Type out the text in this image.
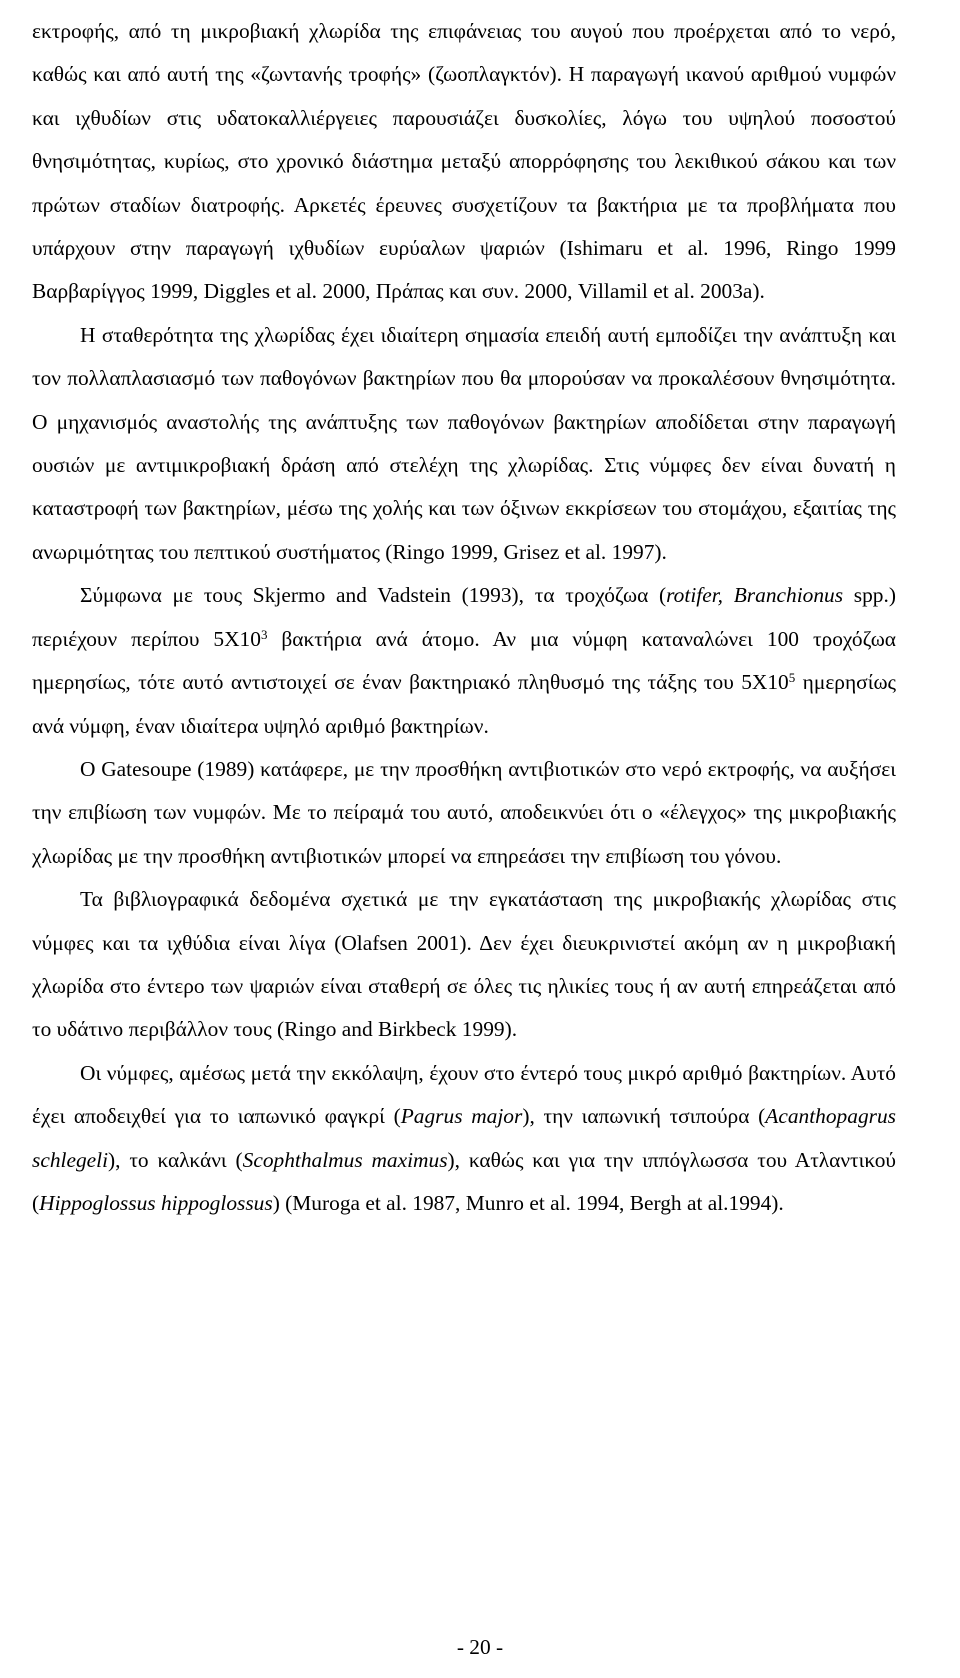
εκτροφής, από τη μικροβιακή χλωρίδα της επιφάνειας του αυγού που προέρχεται από το νερό, καθώς και από αυτή της «ζωντανής τροφής» (ζωοπλαγκτόν). Η παραγωγή ικανού αριθμού νυμφών και ιχθυδίων στις υδατοκαλλιέργειες παρουσιάζει δυσκολίες, λόγω του υψηλού ποσοστού θνησιμότητας, κυρίως, στο χρονικό διάστημα μεταξύ απορρόφησης του λεκιθικού σάκου και των πρώτων σταδίων διατροφής. Αρκετές έρευνες συσχετίζουν τα βακτήρια με τα προβλήματα που υπάρχουν στην παραγωγή ιχθυδίων ευρύαλων ψαριών (Ishimaru et al. 1996, Ringo 1999 Βαρβαρίγγος 1999, Diggles et al. 2000, Πράπας και συν. 2000, Villamil et al. 2003a).

Η σταθερότητα της χλωρίδας έχει ιδιαίτερη σημασία επειδή αυτή εμποδίζει την ανάπτυξη και τον πολλαπλασιασμό των παθογόνων βακτηρίων που θα μπορούσαν να προκαλέσουν θνησιμότητα. Ο μηχανισμός αναστολής της ανάπτυξης των παθογόνων βακτηρίων αποδίδεται στην παραγωγή ουσιών με αντιμικροβιακή δράση από στελέχη της χλωρίδας. Στις νύμφες δεν είναι δυνατή η καταστροφή των βακτηρίων, μέσω της χολής και των όξινων εκκρίσεων του στομάχου, εξαιτίας της ανωριμότητας του πεπτικού συστήματος (Ringo 1999, Grisez et al. 1997).

Σύμφωνα με τους Skjermo and Vadstein (1993), τα τροχόζωα (rotifer, Branchionus spp.) περιέχουν περίπου $5X10^3$ βακτήρια ανά άτομο. Αν μια νύμφη καταναλώνει 100 τροχόζωα ημερησίως, τότε αυτό αντιστοιχεί σε έναν βακτηριακό πληθυσμό της τάξης του $5X10^5$ ημερησίως ανά νύμφη, έναν ιδιαίτερα υψηλό αριθμό βακτηρίων.

Ο Gatesoupe (1989) κατάφερε, με την προσθήκη αντιβιοτικών στο νερό εκτροφής, να αυξήσει την επιβίωση των νυμφών. Με το πείραμά του αυτό, αποδεικνύει ότι ο «έλεγχος» της μικροβιακής χλωρίδας με την προσθήκη αντιβιοτικών μπορεί να επηρεάσει την επιβίωση του γόνου.

Τα βιβλιογραφικά δεδομένα σχετικά με την εγκατάσταση της μικροβιακής χλωρίδας στις νύμφες και τα ιχθύδια είναι λίγα (Olafsen 2001). Δεν έχει διευκρινιστεί ακόμη αν η μικροβιακή χλωρίδα στο έντερο των ψαριών είναι σταθερή σε όλες τις ηλικίες τους ή αν αυτή επηρεάζεται από το υδάτινο περιβάλλον τους (Ringo and Birkbeck 1999).

Οι νύμφες, αμέσως μετά την εκκόλαψη, έχουν στο έντερό τους μικρό αριθμό βακτηρίων. Αυτό έχει αποδειχθεί για το ιαπωνικό φαγκρί (Pagrus major), την ιαπωνική τσιπούρα (Acanthopagrus schlegeli), το καλκάνι (Scophthalmus maximus), καθώς και για την ιππόγλωσσα του Ατλαντικού (Hippoglossus hippoglossus) (Muroga et al. 1987, Munro et al. 1994, Bergh at al.1994).

- 20 -
